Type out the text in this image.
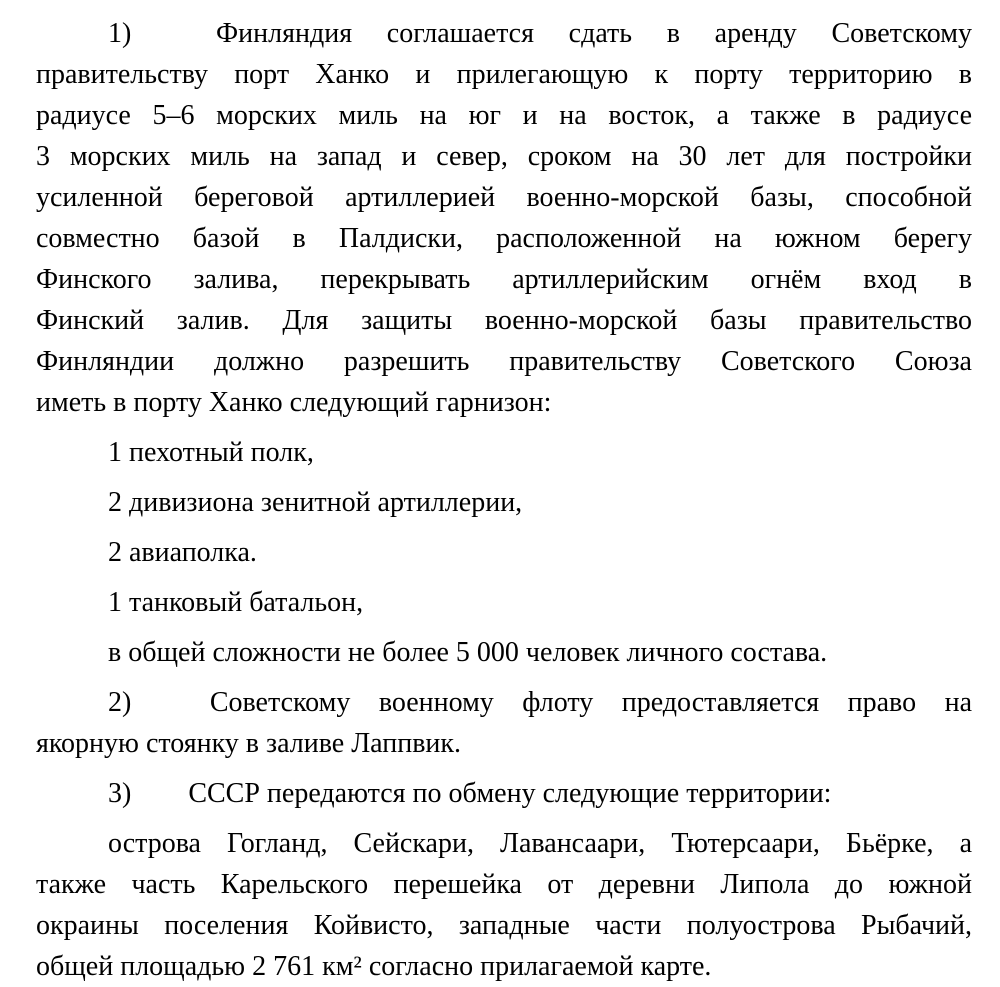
1)	Финляндия соглашается сдать в аренду Советскому
правительству порт Ханко и прилегающую к порту территорию в
радиусе 5–6 морских миль на юг и на восток, а также в радиусе
3 морских миль на запад и север, сроком на 30 лет для постройки
усиленной береговой артиллерией военно-морской базы, способной
совместно базой в Палдиски, расположенной на южном берегу
Финского залива, перекрывать артиллерийским огнём вход в
Финский залив. Для защиты военно-морской базы правительство
Финляндии должно разрешить правительству Советского Союза
иметь в порту Ханко следующий гарнизон:
1 пехотный полк,
2 дивизиона зенитной артиллерии,
2 авиаполка.
1 танковый батальон,
в общей сложности не более 5 000 человек личного состава.
2)	Советскому военному флоту предоставляется право на
якорную стоянку в заливе Лаппвик.
3) СССР передаются по обмену следующие территории:
острова Гогланд, Сейскари, Лавансаари, Тютерсаари, Бьёрке, а
также часть Карельского перешейка от деревни Липола до южной
окраины поселения Койвисто, западные части полуострова Рыбачий,
общей площадью 2 761 км² согласно прилагаемой карте.
